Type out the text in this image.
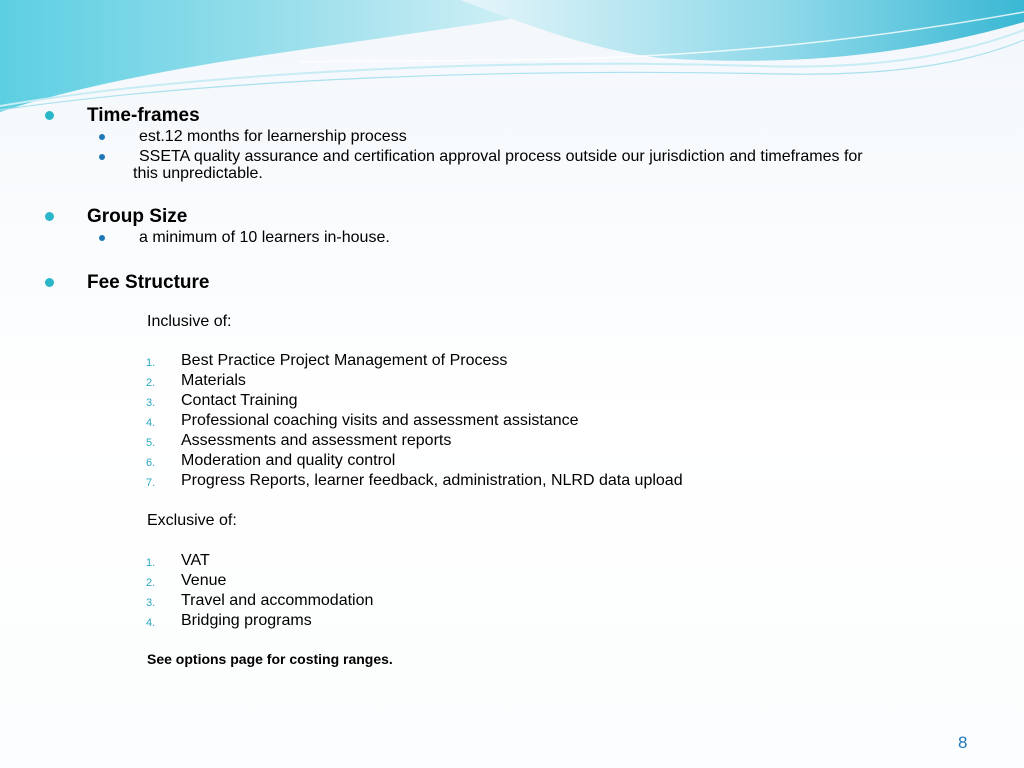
Time-frames
est.12 months for learnership process
SSETA quality assurance and certification approval process outside our jurisdiction and timeframes for
this unpredictable.
Group Size
a minimum of 10 learners in-house.
Fee Structure
Inclusive of:
1. Best Practice Project Management of Process
2. Materials
3. Contact Training
4. Professional coaching visits and assessment assistance
5. Assessments and assessment reports
6. Moderation and quality control
7. Progress Reports, learner feedback, administration, NLRD data upload
Exclusive of:
1. VAT
2. Venue
3. Travel and accommodation
4. Bridging programs
See options page for costing ranges.
8
